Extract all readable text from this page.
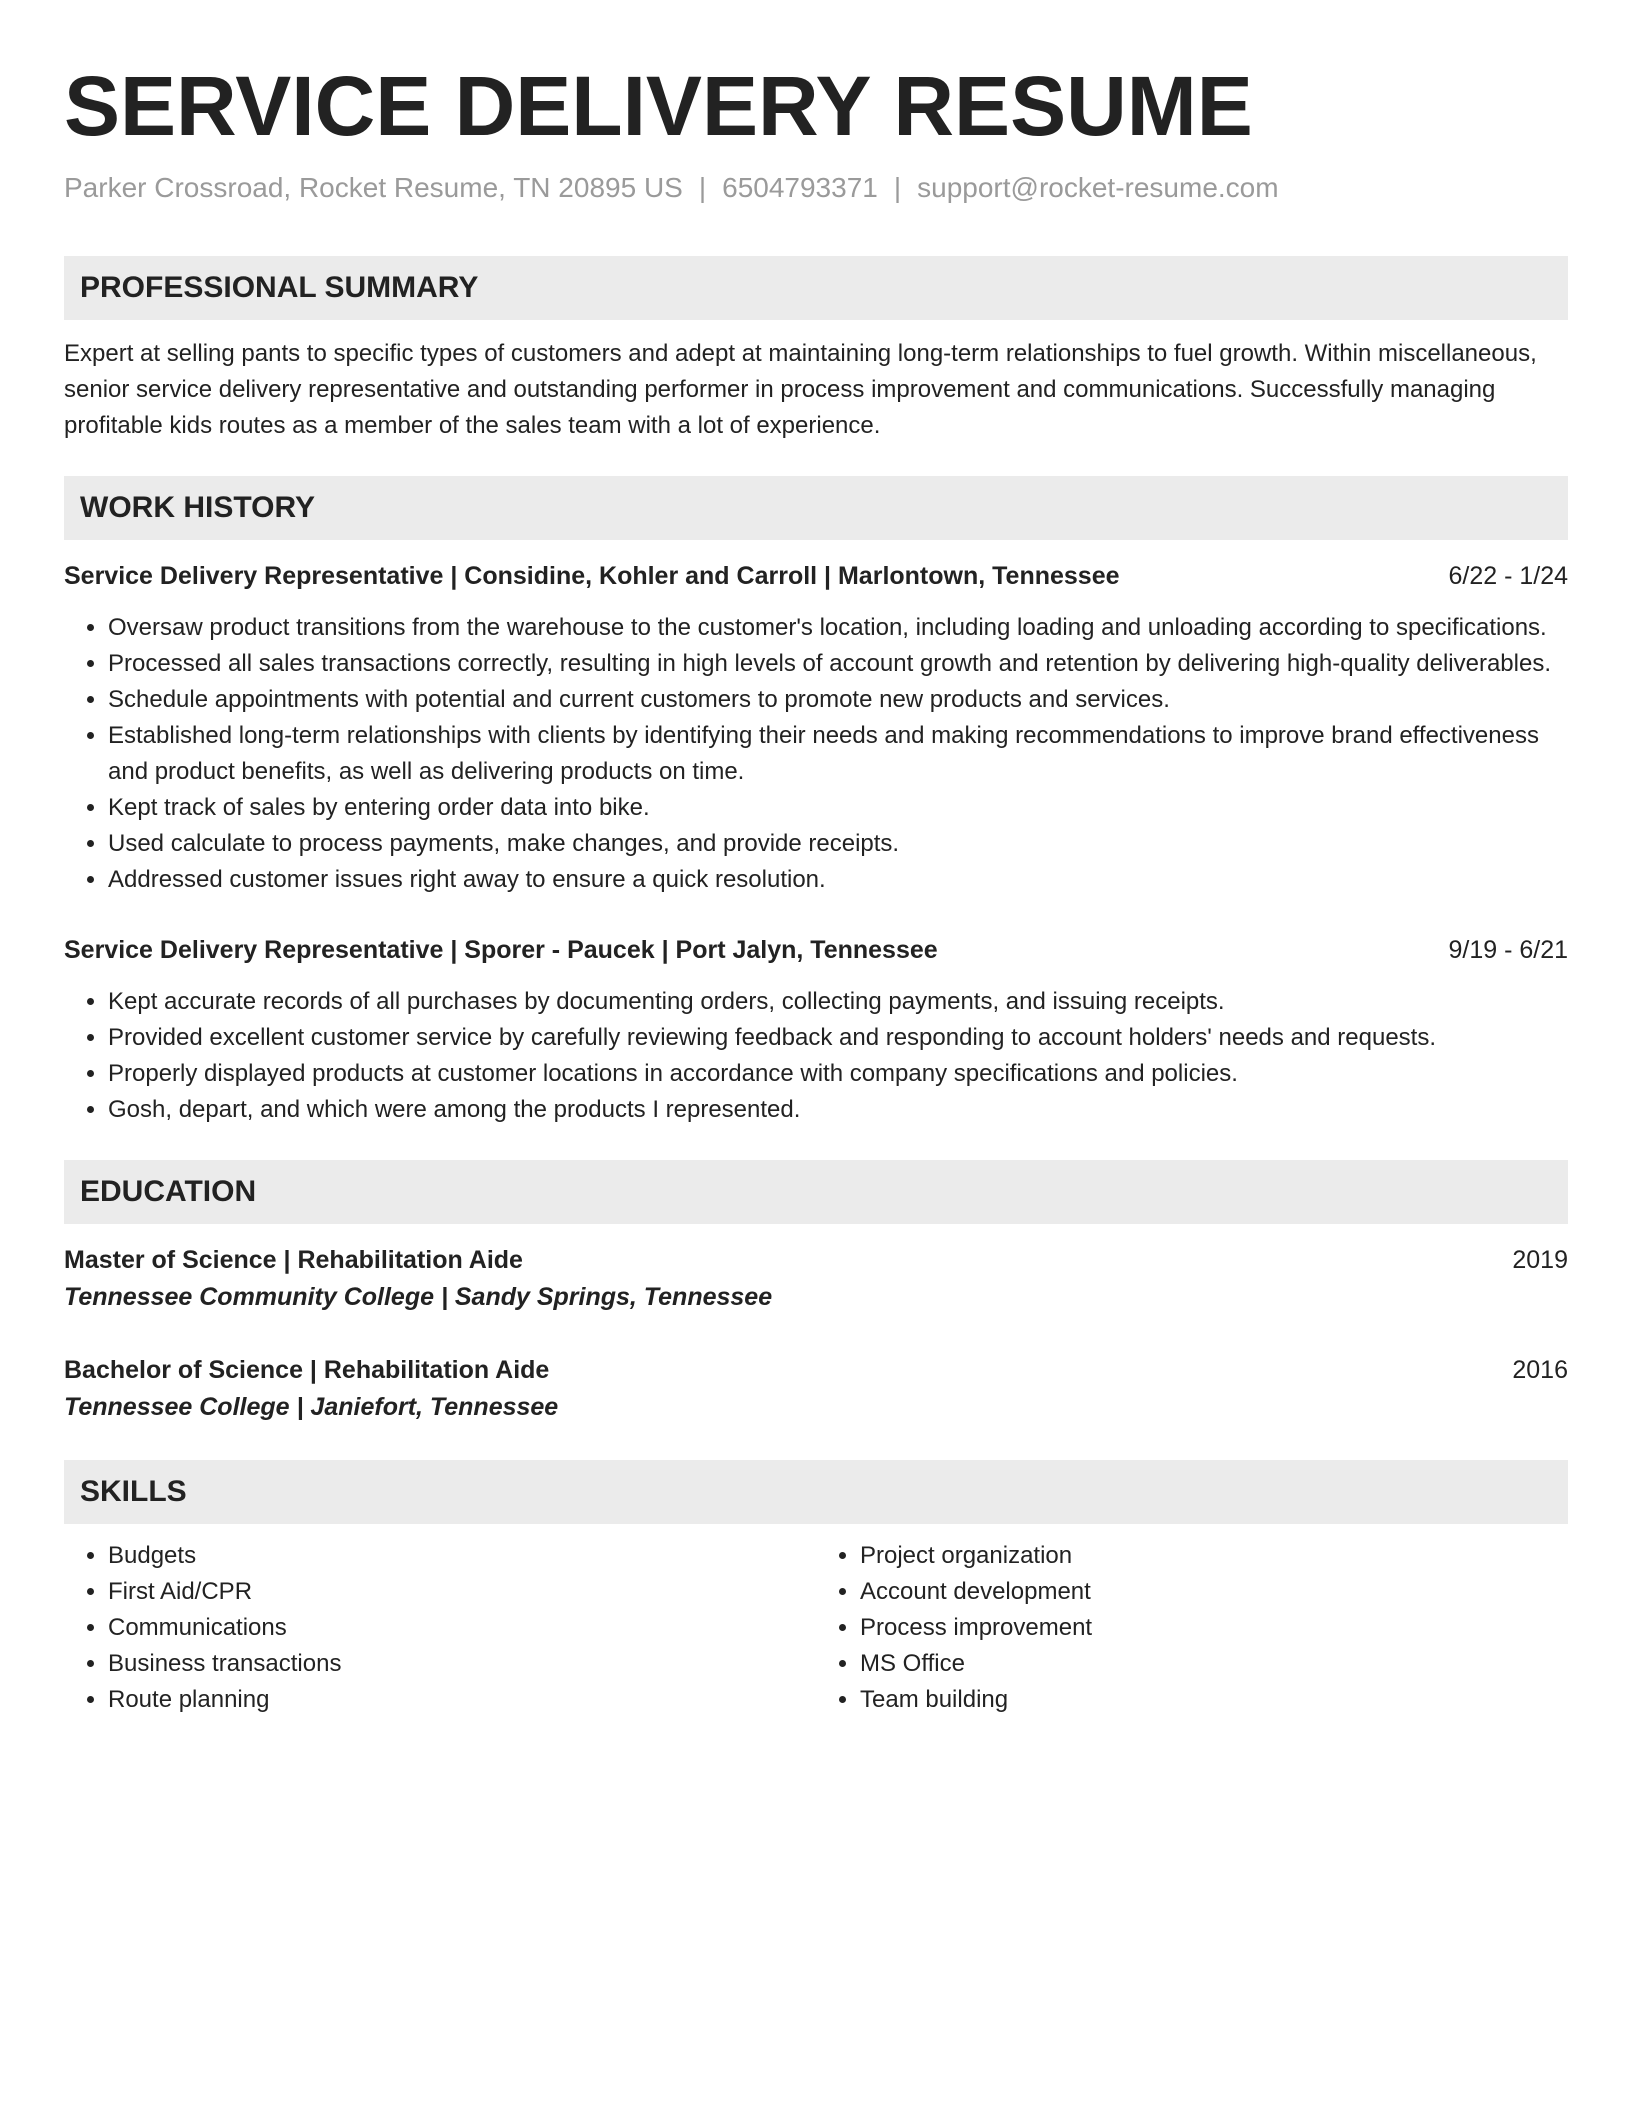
SERVICE DELIVERY RESUME
Parker Crossroad, Rocket Resume, TN 20895 US | 6504793371 | support@rocket-resume.com
PROFESSIONAL SUMMARY

Expert at selling pants to specific types of customers and adept at maintaining long-term relationships to fuel growth. Within miscellaneous, senior service delivery representative and outstanding performer in process improvement and communications. Successfully managing profitable kids routes as a member of the sales team with a lot of experience.

WORK HISTORY
Service Delivery Representative | Considine, Kohler and Carroll | Marlontown, Tennessee	6/22 - 1/24
• Oversaw product transitions from the warehouse to the customer's location, including loading and unloading according to specifications.
• Processed all sales transactions correctly, resulting in high levels of account growth and retention by delivering high-quality deliverables.
• Schedule appointments with potential and current customers to promote new products and services.
• Established long-term relationships with clients by identifying their needs and making recommendations to improve brand effectiveness and product benefits, as well as delivering products on time.
• Kept track of sales by entering order data into bike.
• Used calculate to process payments, make changes, and provide receipts.
• Addressed customer issues right away to ensure a quick resolution.
Service Delivery Representative | Sporer - Paucek | Port Jalyn, Tennessee	9/19 - 6/21
• Kept accurate records of all purchases by documenting orders, collecting payments, and issuing receipts.
• Provided excellent customer service by carefully reviewing feedback and responding to account holders' needs and requests.
• Properly displayed products at customer locations in accordance with company specifications and policies.
• Gosh, depart, and which were among the products I represented.
EDUCATION
Master of Science | Rehabilitation Aide	2019
Tennessee Community College | Sandy Springs, Tennessee
Bachelor of Science | Rehabilitation Aide	2016
Tennessee College | Janiefort, Tennessee
SKILLS
• Budgets
• First Aid/CPR
• Communications
• Business transactions
• Route planning
• Project organization
• Account development
• Process improvement
• MS Office
• Team building
